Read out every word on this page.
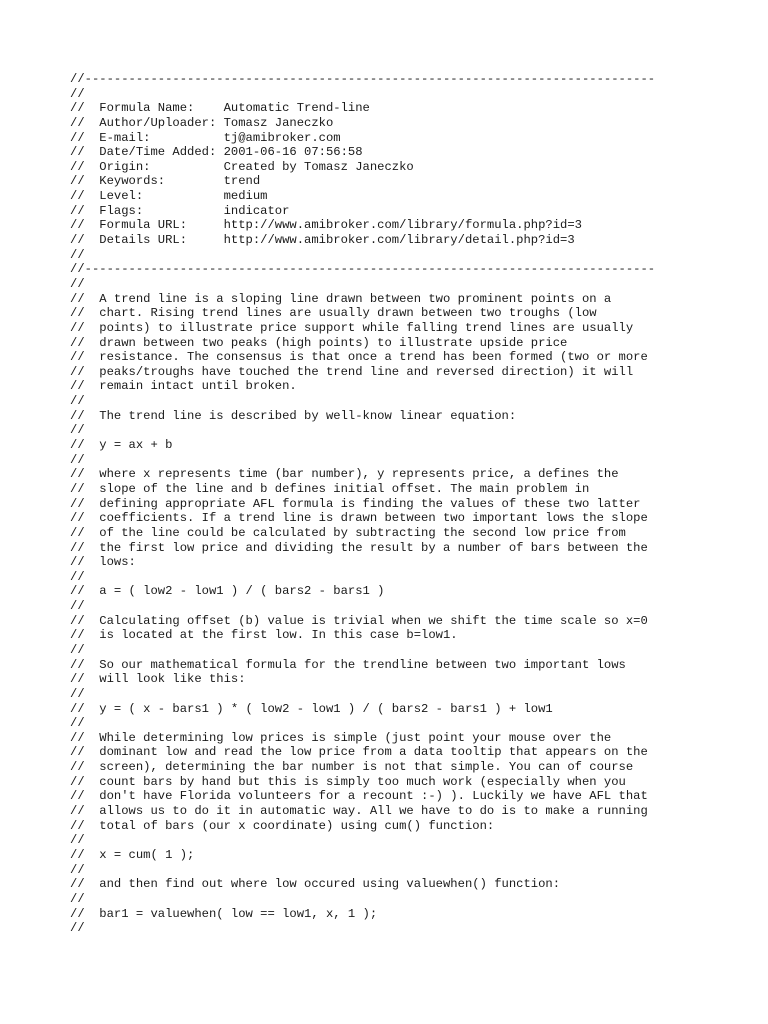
//------------------------------------------------------------------------------
//
//  Formula Name:    Automatic Trend-line
//  Author/Uploader: Tomasz Janeczko
//  E-mail:          tj@amibroker.com
//  Date/Time Added: 2001-06-16 07:56:58
//  Origin:          Created by Tomasz Janeczko
//  Keywords:        trend
//  Level:           medium
//  Flags:           indicator
//  Formula URL:     http://www.amibroker.com/library/formula.php?id=3
//  Details URL:     http://www.amibroker.com/library/detail.php?id=3
//
//------------------------------------------------------------------------------
//
//  A trend line is a sloping line drawn between two prominent points on a
//  chart. Rising trend lines are usually drawn between two troughs (low
//  points) to illustrate price support while falling trend lines are usually
//  drawn between two peaks (high points) to illustrate upside price
//  resistance. The consensus is that once a trend has been formed (two or more
//  peaks/troughs have touched the trend line and reversed direction) it will
//  remain intact until broken.
//
//  The trend line is described by well-know linear equation:
//
//  y = ax + b
//
//  where x represents time (bar number), y represents price, a defines the
//  slope of the line and b defines initial offset. The main problem in
//  defining appropriate AFL formula is finding the values of these two latter
//  coefficients. If a trend line is drawn between two important lows the slope
//  of the line could be calculated by subtracting the second low price from
//  the first low price and dividing the result by a number of bars between the
//  lows:
//
//  a = ( low2 - low1 ) / ( bars2 - bars1 )
//
//  Calculating offset (b) value is trivial when we shift the time scale so x=0
//  is located at the first low. In this case b=low1.
//
//  So our mathematical formula for the trendline between two important lows
//  will look like this:
//
//  y = ( x - bars1 ) * ( low2 - low1 ) / ( bars2 - bars1 ) + low1
//
//  While determining low prices is simple (just point your mouse over the
//  dominant low and read the low price from a data tooltip that appears on the
//  screen), determining the bar number is not that simple. You can of course
//  count bars by hand but this is simply too much work (especially when you
//  don't have Florida volunteers for a recount :-) ). Luckily we have AFL that
//  allows us to do it in automatic way. All we have to do is to make a running
//  total of bars (our x coordinate) using cum() function:
//
//  x = cum( 1 );
//
//  and then find out where low occured using valuewhen() function:
//
//  bar1 = valuewhen( low == low1, x, 1 );
//
